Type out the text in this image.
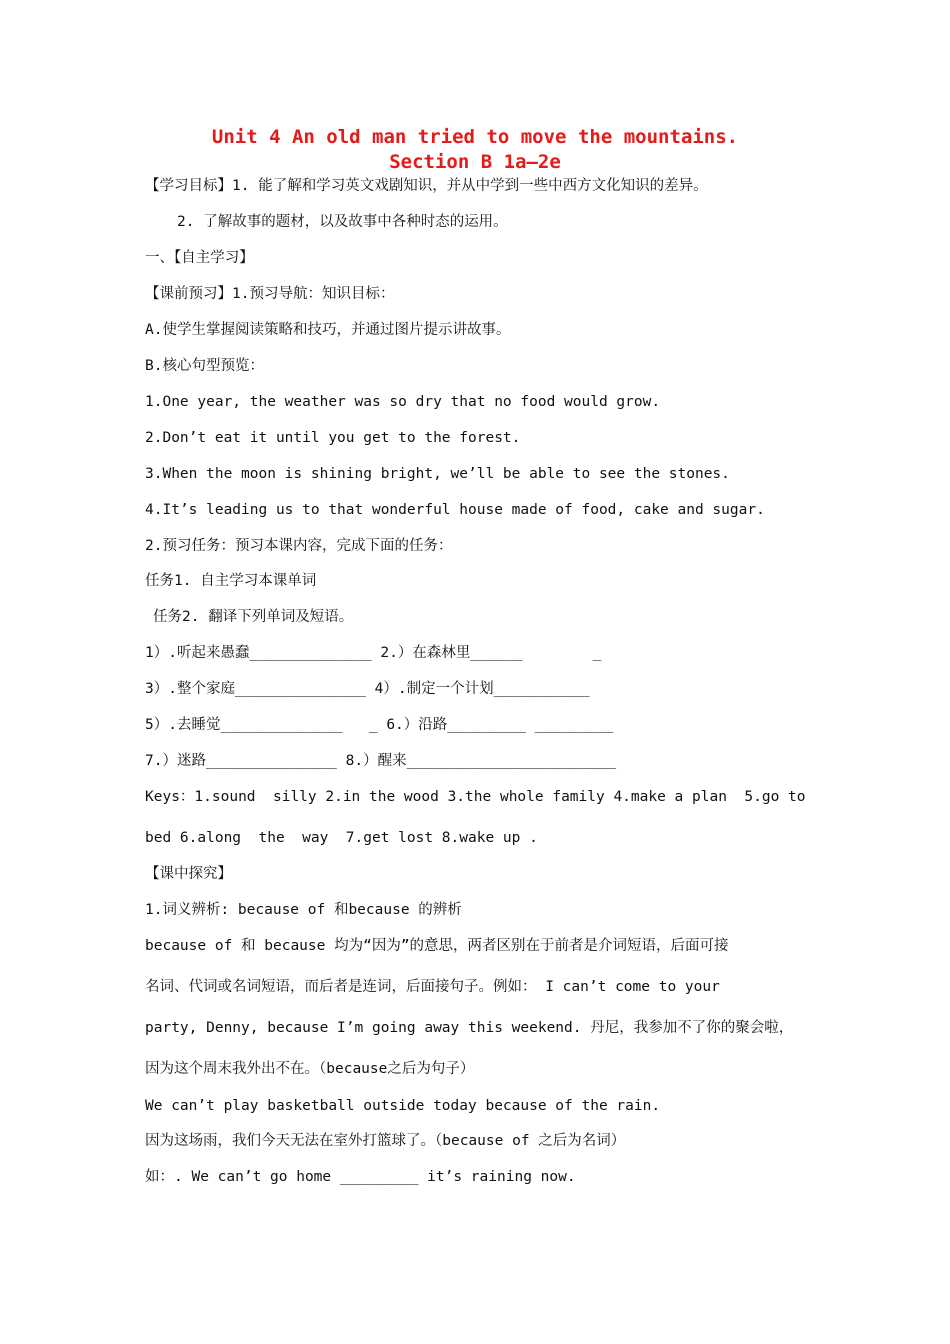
Unit 4 An old man tried to move the mountains.
Section B 1a—2e
【学习目标】1. 能了解和学习英文戏剧知识，并从中学到一些中西方文化知识的差异。
2. 了解故事的题材，以及故事中各种时态的运用。
一、【自主学习】
【课前预习】1.预习导航：知识目标：
A.使学生掌握阅读策略和技巧，并通过图片提示讲故事。
B.核心句型预览：
1.One year, the weather was so dry that no food would grow.
2.Don’t eat it until you get to the forest.
3.When the moon is shining bright, we’ll be able to see the stones.
4.It’s leading us to that wonderful house made of food, cake and sugar.
2.预习任务：预习本课内容，完成下面的任务：
任务1. 自主学习本课单词
任务2. 翻译下列单词及短语。
1）.听起来愚蠢______________ 2.）在森林里______        _
3）.整个家庭_______________ 4）.制定一个计划___________
5）.去睡觉______________   _ 6.）沿路_________ _________
7.）迷路_______________ 8.）醒来________________________
Keys：1.sound  silly 2.in the wood 3.the whole family 4.make a plan  5.go to
bed 6.along  the  way  7.get lost 8.wake up .
【课中探究】
1.词义辨析: because of 和because 的辨析
because of 和 because 均为“因为”的意思，两者区别在于前者是介词短语，后面可接
名词、代词或名词短语，而后者是连词，后面接句子。例如： I can’t come to your
party, Denny, because I’m going away this weekend. 丹尼，我参加不了你的聚会啦，
因为这个周末我外出不在。（because之后为句子）
We can’t play basketball outside today because of the rain.
因为这场雨，我们今天无法在室外打篮球了。（because of 之后为名词）
如：. We can’t go home _________ it’s raining now.
